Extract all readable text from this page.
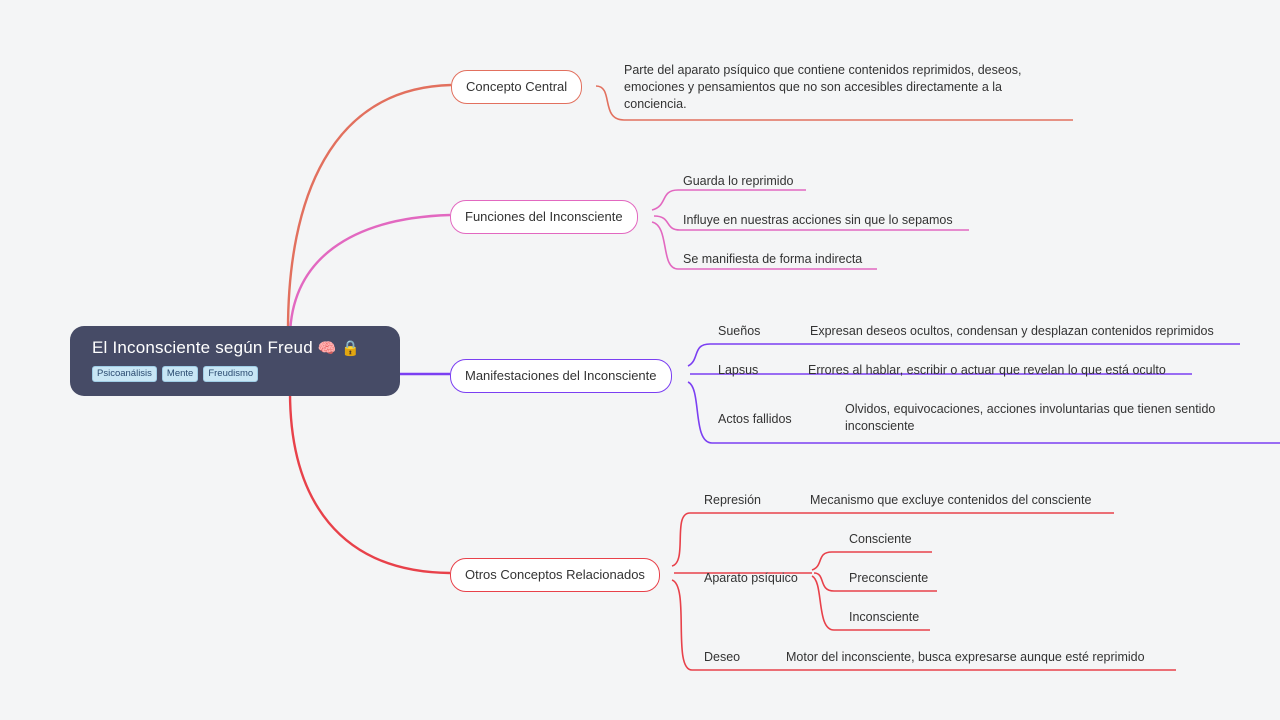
El Inconsciente según Freud 🧠 🔒
Psicoanálisis	Mente	Freudismo
Concepto Central
Parte del aparato psíquico que contiene contenidos reprimidos, deseos, emociones y pensamientos que no son accesibles directamente a la conciencia.
Funciones del Inconsciente
Guarda lo reprimido
Influye en nuestras acciones sin que lo sepamos
Se manifiesta de forma indirecta
Manifestaciones del Inconsciente
Sueños	Expresan deseos ocultos, condensan y desplazan contenidos reprimidos
Lapsus	Errores al hablar, escribir o actuar que revelan lo que está oculto
Actos fallidos
Olvidos, equivocaciones, acciones involuntarias que tienen sentido inconsciente
Otros Conceptos Relacionados
Represión	Mecanismo que excluye contenidos del consciente
Aparato psíquico
Consciente
Preconsciente
Inconsciente
Deseo	Motor del inconsciente, busca expresarse aunque esté reprimido
